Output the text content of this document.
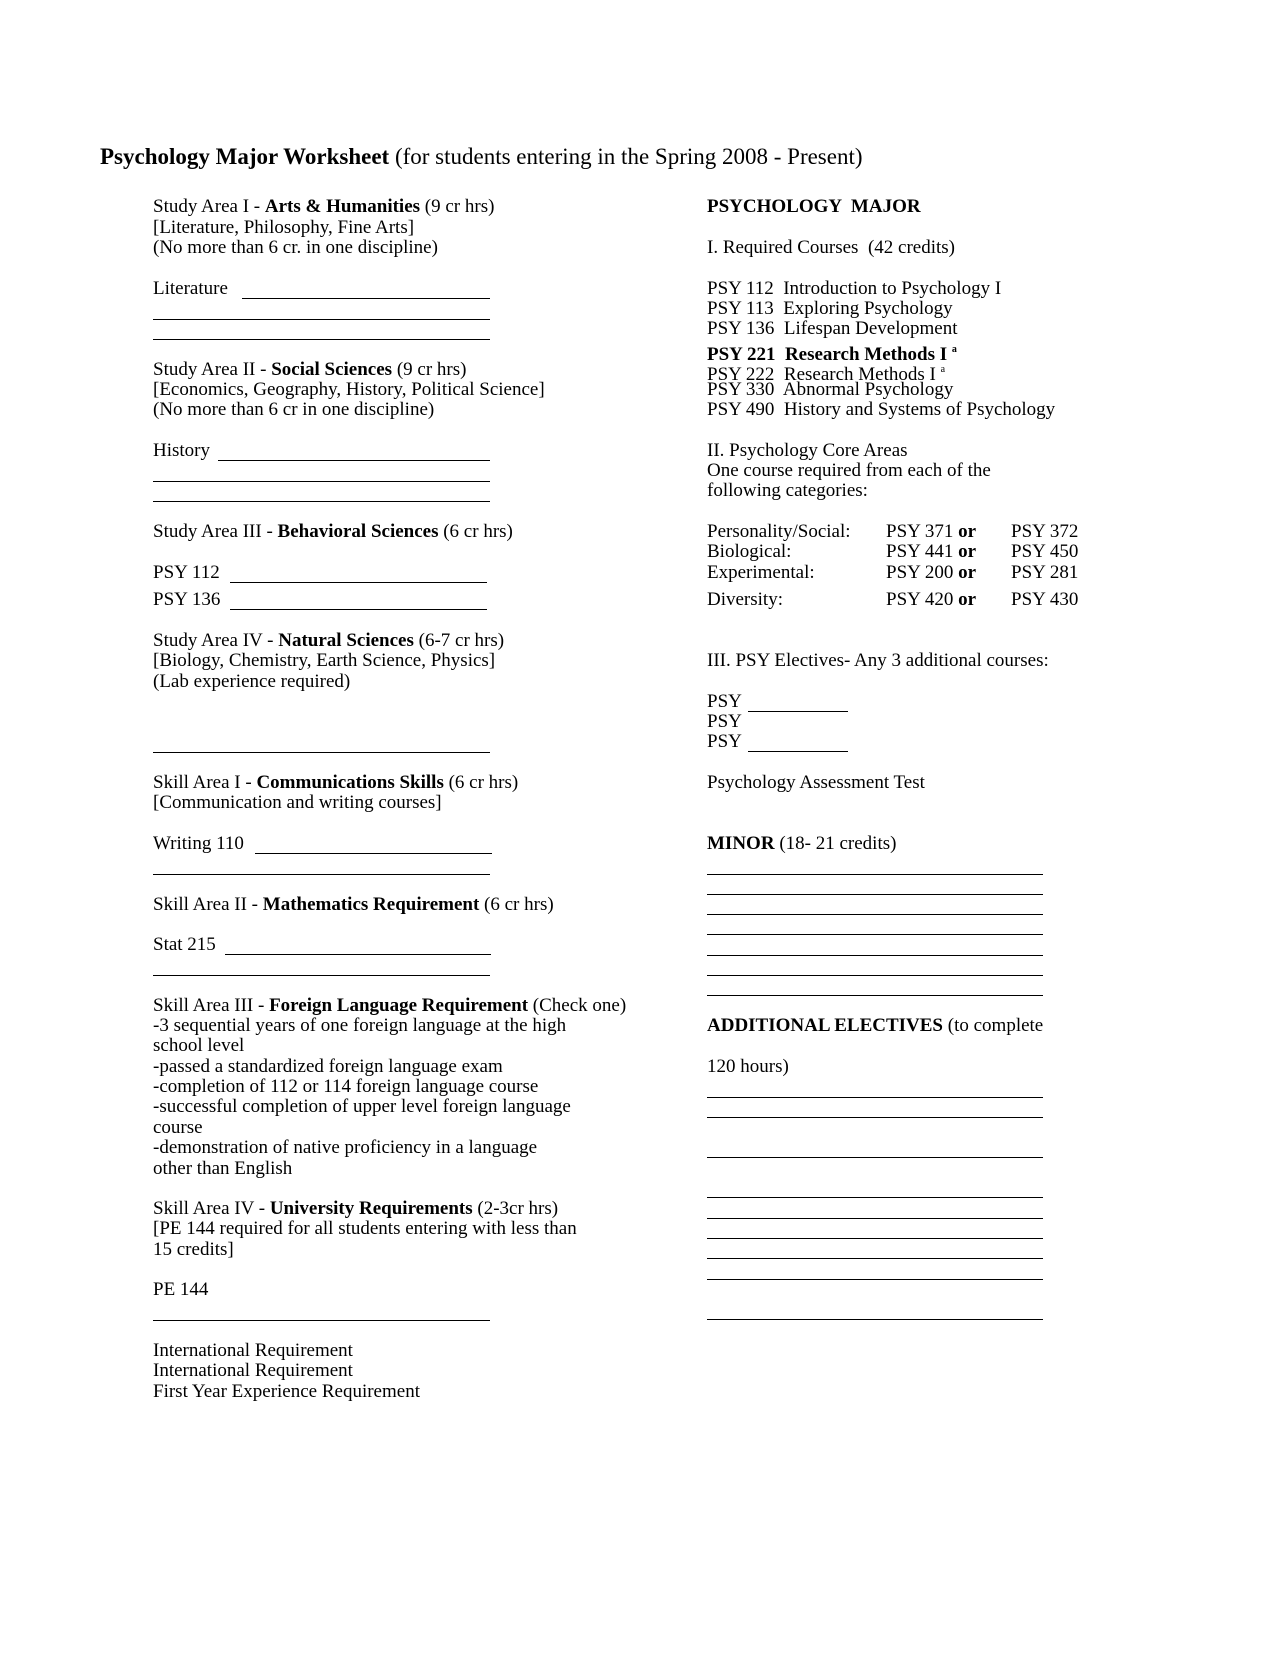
Psychology Major Worksheet (for students entering in the Spring 2008 - Present)
Study Area I - Arts & Humanities (9 cr hrs)
[Literature, Philosophy, Fine Arts]
(No more than 6 cr. in one discipline)
Literature
Study Area II - Social Sciences (9 cr hrs)
[Economics, Geography, History, Political Science]
(No more than 6 cr in one discipline)
History
Study Area III - Behavioral Sciences (6 cr hrs)
PSY 112
PSY 136
Study Area IV - Natural Sciences (6-7 cr hrs)
[Biology, Chemistry, Earth Science, Physics]
(Lab experience required)
Skill Area I - Communications Skills (6 cr hrs)
[Communication and writing courses]
Writing 110
Skill Area II - Mathematics Requirement (6 cr hrs)
Stat 215
Skill Area III - Foreign Language Requirement (Check one)
-3 sequential years of one foreign language at the high
school level
-passed a standardized foreign language exam
-completion of 112 or 114 foreign language course
-successful completion of upper level foreign language
course
-demonstration of native proficiency in a language
other than English
Skill Area IV - University Requirements (2-3cr hrs)
[PE 144 required for all students entering with less than
15 credits]
PE 144
International Requirement
International Requirement
First Year Experience Requirement
PSYCHOLOGY  MAJOR
I. Required Courses  (42 credits)
PSY 112 Introduction to Psychology I
PSY 113 Exploring Psychology
PSY 136 Lifespan Development
PSY 221 Research Methods I $^a$
PSY 222 Research Methods I $^a$
PSY 330 Abnormal Psychology
PSY 490 History and Systems of Psychology
II. Psychology Core Areas
One course required from each of the
following categories:
Personality/Social: PSY 371 or PSY 372
Biological:	PSY 441 or PSY 450
Experimental:	PSY 200 or PSY 281
Diversity:	PSY 420 or PSY 430
III. PSY Electives- Any 3 additional courses:
PSY
PSY
PSY
Psychology Assessment Test
MINOR (18- 21 credits)
ADDITIONAL ELECTIVES (to complete
120 hours)
